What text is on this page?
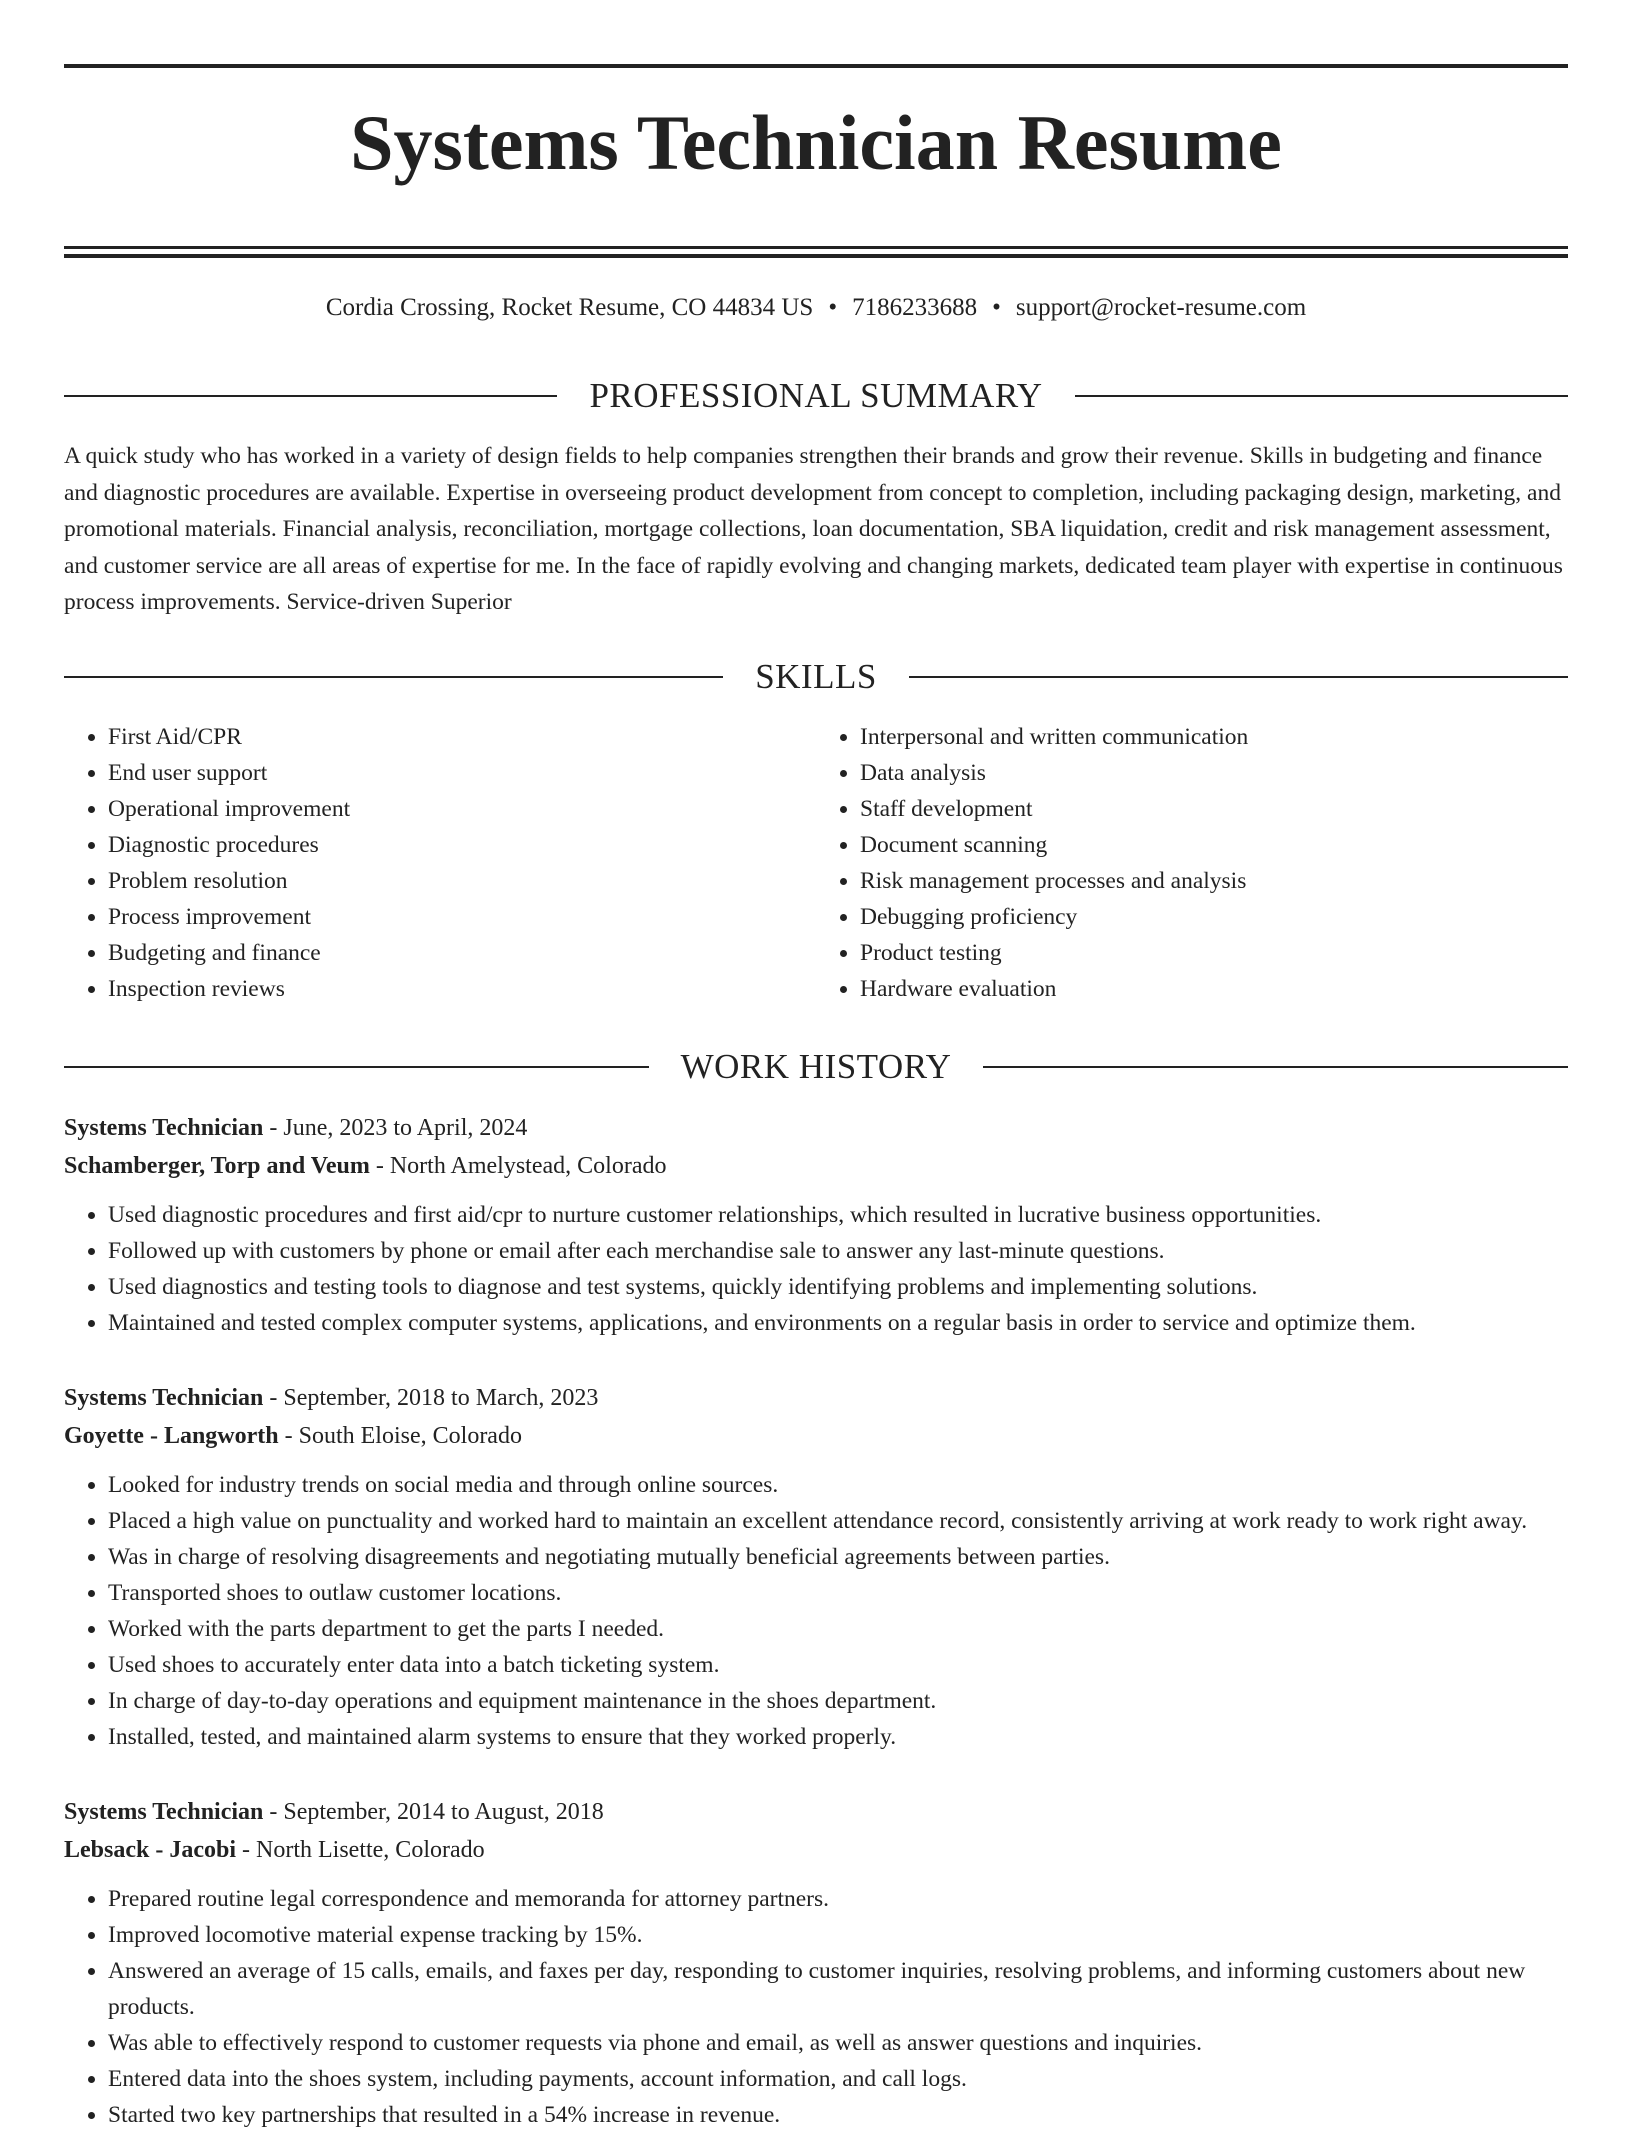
Systems Technician Resume
Cordia Crossing, Rocket Resume, CO 44834 US • 7186233688 • support@rocket-resume.com
PROFESSIONAL SUMMARY

A quick study who has worked in a variety of design fields to help companies strengthen their brands and grow their revenue. Skills in budgeting and finance and diagnostic procedures are available. Expertise in overseeing product development from concept to completion, including packaging design, marketing, and promotional materials. Financial analysis, reconciliation, mortgage collections, loan documentation, SBA liquidation, credit and risk management assessment, and customer service are all areas of expertise for me. In the face of rapidly evolving and changing markets, dedicated team player with expertise in continuous process improvements. Service-driven Superior

SKILLS
• First Aid/CPR
• End user support
• Operational improvement
• Diagnostic procedures
• Problem resolution
• Process improvement
• Budgeting and finance
• Inspection reviews
• Interpersonal and written communication
• Data analysis
• Staff development
• Document scanning
• Risk management processes and analysis
• Debugging proficiency
• Product testing
• Hardware evaluation
WORK HISTORY
Systems Technician - June, 2023 to April, 2024
Schamberger, Torp and Veum - North Amelystead, Colorado
• Used diagnostic procedures and first aid/cpr to nurture customer relationships, which resulted in lucrative business opportunities.
• Followed up with customers by phone or email after each merchandise sale to answer any last-minute questions.
• Used diagnostics and testing tools to diagnose and test systems, quickly identifying problems and implementing solutions.
• Maintained and tested complex computer systems, applications, and environments on a regular basis in order to service and optimize them.
Systems Technician - September, 2018 to March, 2023
Goyette - Langworth - South Eloise, Colorado
• Looked for industry trends on social media and through online sources.
• Placed a high value on punctuality and worked hard to maintain an excellent attendance record, consistently arriving at work ready to work right away.
• Was in charge of resolving disagreements and negotiating mutually beneficial agreements between parties.
• Transported shoes to outlaw customer locations.
• Worked with the parts department to get the parts I needed.
• Used shoes to accurately enter data into a batch ticketing system.
• In charge of day-to-day operations and equipment maintenance in the shoes department.
• Installed, tested, and maintained alarm systems to ensure that they worked properly.
Systems Technician - September, 2014 to August, 2018
Lebsack - Jacobi - North Lisette, Colorado
• Prepared routine legal correspondence and memoranda for attorney partners.
• Improved locomotive material expense tracking by 15%.
• Answered an average of 15 calls, emails, and faxes per day, responding to customer inquiries, resolving problems, and informing customers about new products.
• Was able to effectively respond to customer requests via phone and email, as well as answer questions and inquiries.
• Entered data into the shoes system, including payments, account information, and call logs.
• Started two key partnerships that resulted in a 54% increase in revenue.
